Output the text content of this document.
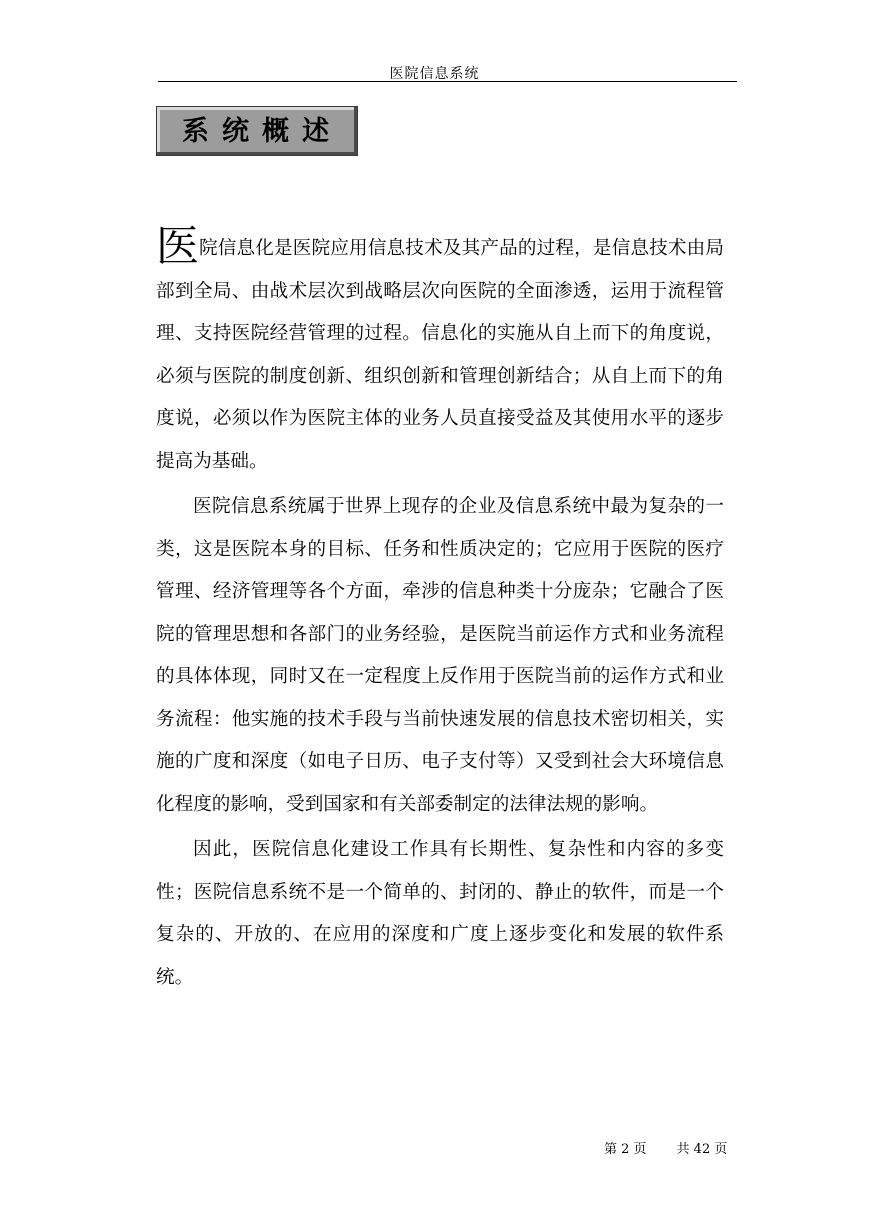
医院信息系统
系统概述

医院信息化是医院应用信息技术及其产品的过程，是信息技术由局部到全局、由战术层次到战略层次向医院的全面渗透，运用于流程管理、支持医院经营管理的过程。信息化的实施从自上而下的角度说，必须与医院的制度创新、组织创新和管理创新结合；从自上而下的角度说，必须以作为医院主体的业务人员直接受益及其使用水平的逐步提高为基础。

医院信息系统属于世界上现存的企业及信息系统中最为复杂的一类，这是医院本身的目标、任务和性质决定的；它应用于医院的医疗管理、经济管理等各个方面，牵涉的信息种类十分庞杂；它融合了医院的管理思想和各部门的业务经验，是医院当前运作方式和业务流程的具体体现，同时又在一定程度上反作用于医院当前的运作方式和业务流程：他实施的技术手段与当前快速发展的信息技术密切相关，实施的广度和深度（如电子日历、电子支付等）又受到社会大环境信息化程度的影响，受到国家和有关部委制定的法律法规的影响。

因此，医院信息化建设工作具有长期性、复杂性和内容的多变性；医院信息系统不是一个简单的、封闭的、静止的软件，而是一个复杂的、开放的、在应用的深度和广度上逐步变化和发展的软件系统。

第 2 页 共 42 页
